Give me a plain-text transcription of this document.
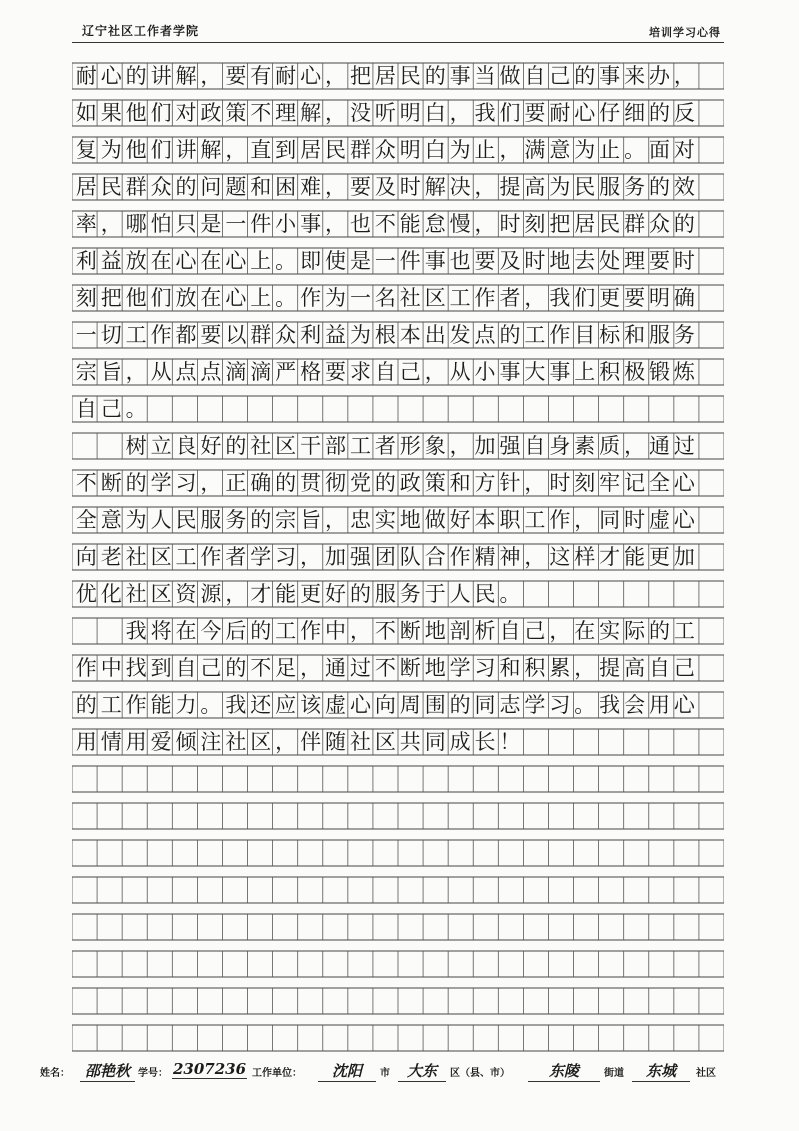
辽宁社区工作者学院	培训学习心得
耐 心 的 讲 解 ， 要 有 耐 心 ， 把 居 民 的 事 当 做 自 己 的 事 来 办 ，
如 果 他 们 对 政 策 不 理 解 ， 没 听 明 白 ， 我 们 要 耐 心 仔 细 的 反
复 为 他 们 讲 解 ， 直 到 居 民 群 众 明 白 为 止 ， 满 意 为 止 。 面 对
居 民 群 众 的 问 题 和 困 难 ， 要 及 时 解 决 ， 提 高 为 民 服 务 的 效
率 ， 哪 怕 只 是 一 件 小 事 ， 也 不 能 怠 慢 ， 时 刻 把 居 民 群 众 的
利 益 放 在 心 在 心 上 。 即 使 是 一 件 事 也 要 及 时 地 去 处 理 要 时
刻 把 他 们 放 在 心 上 。 作 为 一 名 社 区 工 作 者 ， 我 们 更 要 明 确
一 切 工 作 都 要 以 群 众 利 益 为 根 本 出 发 点 的 工 作 目 标 和 服 务
宗 旨 ， 从 点 点 滴 滴 严 格 要 求 自 己 ， 从 小 事 大 事 上 积 极 锻 炼
自 己 。
树 立 良 好 的 社 区 干 部 工 者 形 象 ， 加 强 自 身 素 质 ， 通 过
不 断 的 学 习 ， 正 确 的 贯 彻 党 的 政 策 和 方 针 ， 时 刻 牢 记 全 心
全 意 为 人 民 服 务 的 宗 旨 ， 忠 实 地 做 好 本 职 工 作 ， 同 时 虚 心
向 老 社 区 工 作 者 学 习 ， 加 强 团 队 合 作 精 神 ， 这 样 才 能 更 加
优 化 社 区 资 源 ， 才 能 更 好 的 服 务 于 人 民 。
我 将 在 今 后 的 工 作 中 ， 不 断 地 剖 析 自 己 ， 在 实 际 的 工
作 中 找 到 自 己 的 不 足 ， 通 过 不 断 地 学 习 和 积 累 ， 提 高 自 己
的 工 作 能 力 。 我 还 应 该 虚 心 向 周 围 的 同 志 学 习 。 我 会 用 心
用 情 用 爱 倾 注 社 区 ， 伴 随 社 区 共 同 成 长 ！
姓名： 邵艳秋 学号： 2307236 工作单位：	沈阳	市	大东	区（县、市）	东陵	街道	东城	社区
